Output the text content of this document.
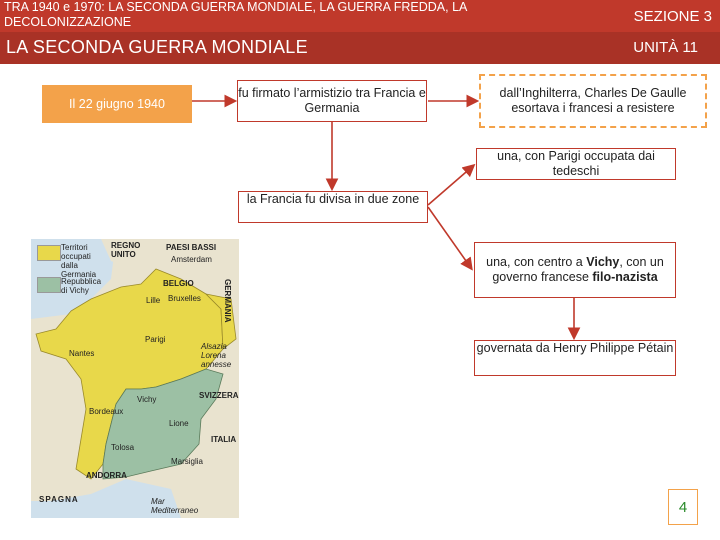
TRA 1940 e 1970: LA SECONDA GUERRA MONDIALE, LA GUERRA FREDDA, LA DECOLONIZZAZIONE	SEZIONE 3
LA SECONDA GUERRA MONDIALE	UNITÀ 11
Il 22 giugno 1940
fu firmato l’armistizio tra Francia e Germania
dall’Inghilterra, Charles De Gaulle esortava i francesi a resistere
una, con Parigi occupata dai tedeschi
la Francia fu divisa in due zone
una, con centro a Vichy, con un governo francese filo-nazista
governata da Henry Philippe Pétain
Territori occupati dalla Germania
Repubblica di Vichy
REGNO UNITO
PAESI BASSI
Amsterdam
BELGIO
Lille Bruxelles	GERMANIA
Parigi
Nantes
Alsazia Lorena annesse
Vichy	SVIZZERA
Bordeaux
Lione
ITALIA
Tolosa
Marsiglia
ANDORRA
SPAGNA	Mar Mediterraneo	4
